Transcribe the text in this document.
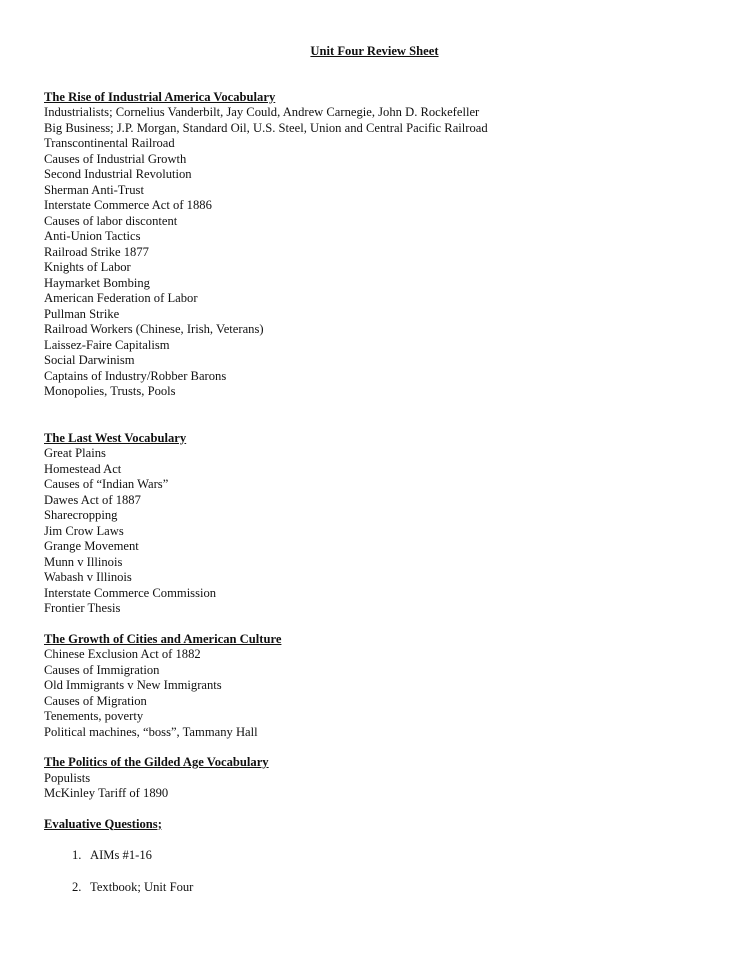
Unit Four Review Sheet
The Rise of Industrial America Vocabulary
Industrialists; Cornelius Vanderbilt, Jay Could, Andrew Carnegie, John D. Rockefeller
Big Business; J.P. Morgan, Standard Oil, U.S. Steel, Union and Central Pacific Railroad
Transcontinental Railroad
Causes of Industrial Growth
Second Industrial Revolution
Sherman Anti-Trust
Interstate Commerce Act of 1886
Causes of labor discontent
Anti-Union Tactics
Railroad Strike 1877
Knights of Labor
Haymarket Bombing
American Federation of Labor
Pullman Strike
Railroad Workers (Chinese, Irish, Veterans)
Laissez-Faire Capitalism
Social Darwinism
Captains of Industry/Robber Barons
Monopolies, Trusts, Pools
The Last West Vocabulary
Great Plains
Homestead Act
Causes of “Indian Wars”
Dawes Act of 1887
Sharecropping
Jim Crow Laws
Grange Movement
Munn v Illinois
Wabash v Illinois
Interstate Commerce Commission
Frontier Thesis
The Growth of Cities and American Culture
Chinese Exclusion Act of 1882
Causes of Immigration
Old Immigrants v New Immigrants
Causes of Migration
Tenements, poverty
Political machines, “boss”, Tammany Hall
The Politics of the Gilded Age Vocabulary
Populists
McKinley Tariff of 1890
Evaluative Questions;
1. AIMs #1-16
2. Textbook; Unit Four
